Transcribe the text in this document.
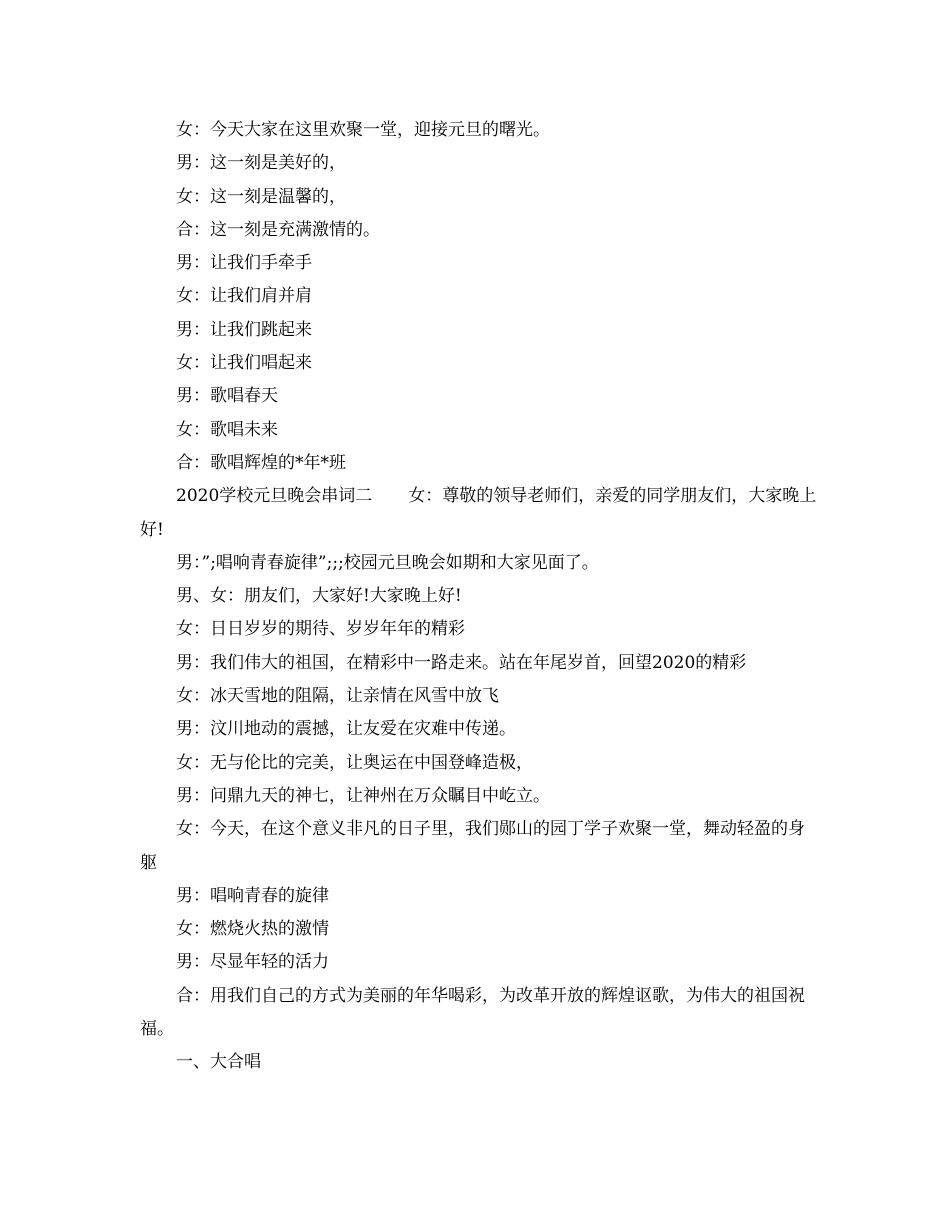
女：今天大家在这里欢聚一堂，迎接元旦的曙光。

男：这一刻是美好的，

女：这一刻是温馨的，

合：这一刻是充满激情的。

男：让我们手牵手

女：让我们肩并肩

男：让我们跳起来

女：让我们唱起来

男：歌唱春天

女：歌唱未来

合：歌唱辉煌的*年*班

2020学校元旦晚会串词二 女：尊敬的领导老师们，亲爱的同学朋友们，大家晚上好!

男：”;唱响青春旋律”;;;校园元旦晚会如期和大家见面了。

男、女：朋友们，大家好!大家晚上好!

女：日日岁岁的期待、岁岁年年的精彩

男：我们伟大的祖国，在精彩中一路走来。站在年尾岁首，回望2020的精彩

女：冰天雪地的阻隔，让亲情在风雪中放飞

男：汶川地动的震撼，让友爱在灾难中传递。

女：无与伦比的完美，让奥运在中国登峰造极，

男：问鼎九天的神七，让神州在万众瞩目中屹立。

女：今天，在这个意义非凡的日子里，我们郧山的园丁学子欢聚一堂，舞动轻盈的身躯

男：唱响青春的旋律

女：燃烧火热的激情

男：尽显年轻的活力

合：用我们自己的方式为美丽的年华喝彩，为改革开放的辉煌讴歌，为伟大的祖国祝福。

一、大合唱
